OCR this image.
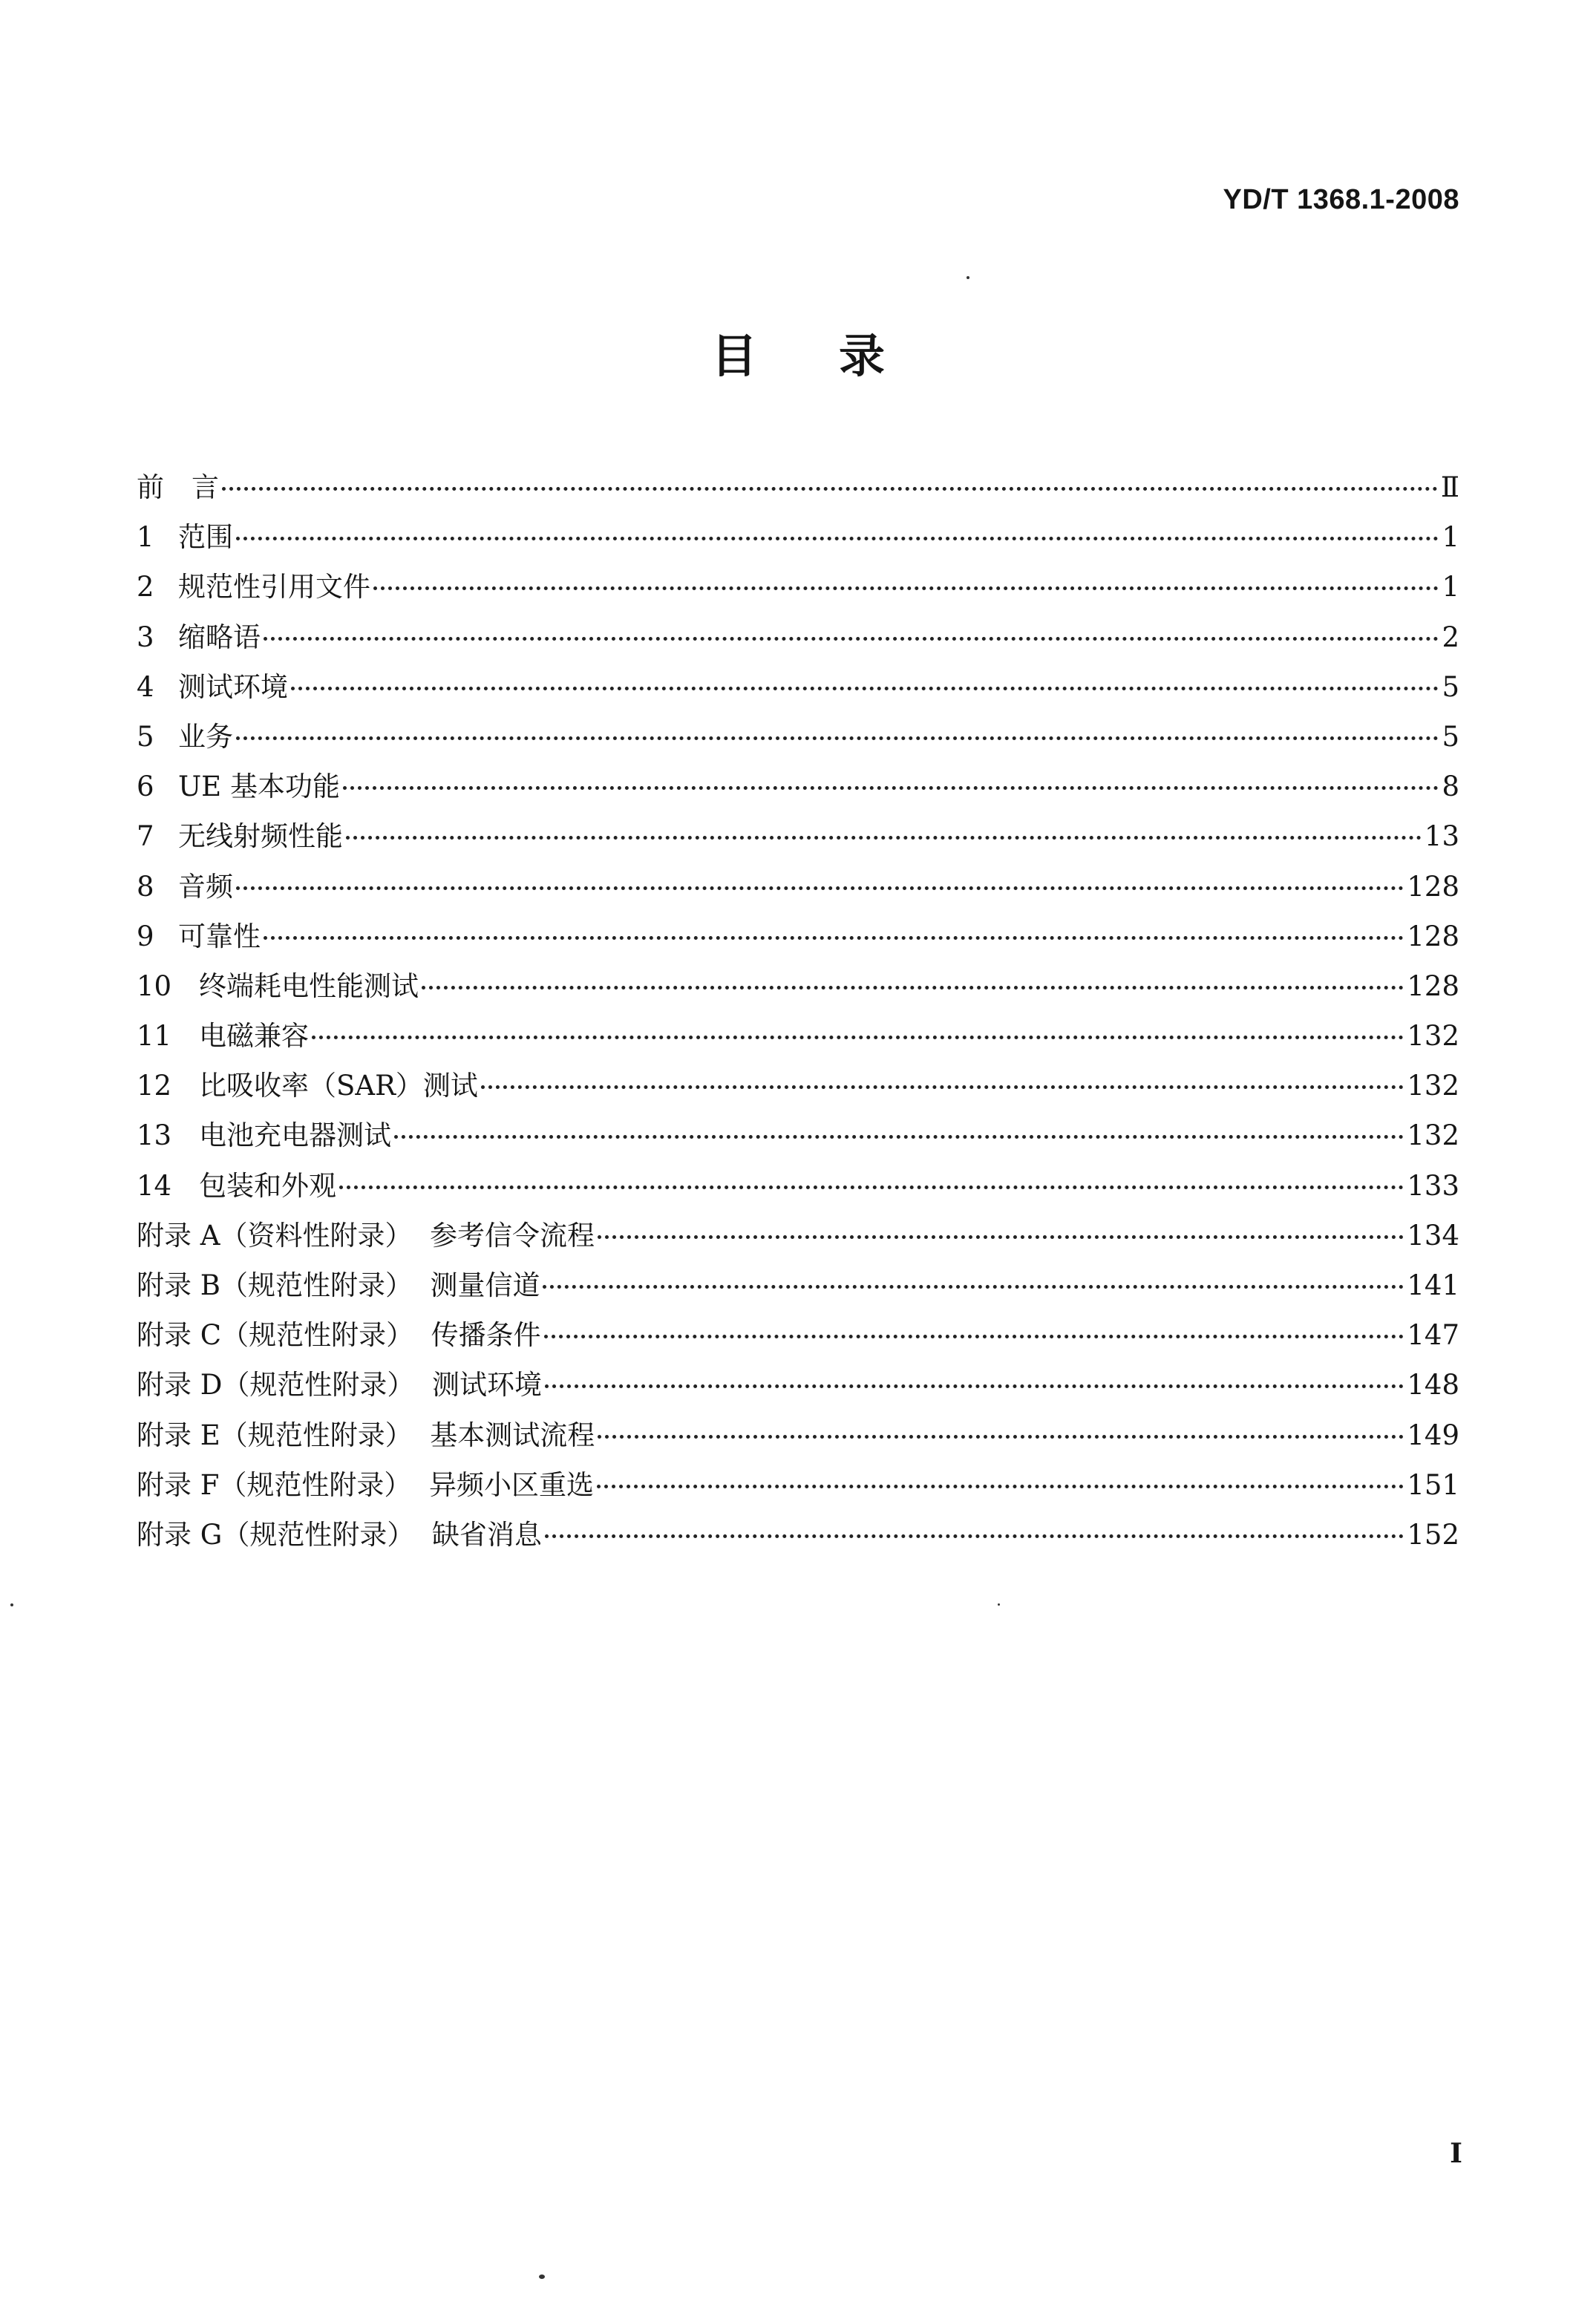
YD/T 1368.1-2008
目录
前　言	Ⅱ
1 范围	1
2 规范性引用文件	1
3 缩略语	2
4 测试环境	5
5 业务	5
6 UE 基本功能	8
7 无线射频性能	13
8 音频	128
9 可靠性	128
10 终端耗电性能测试	128
11 电磁兼容	132
12 比吸收率（SAR）测试	132
13 电池充电器测试	132
14 包装和外观	133
附录 A（资料性附录）  参考信令流程	134
附录 B（规范性附录）  测量信道	141
附录 C（规范性附录）  传播条件	147
附录 D（规范性附录）  测试环境	148
附录 E（规范性附录）  基本测试流程	149
附录 F（规范性附录）  异频小区重选	151
附录 G（规范性附录）  缺省消息	152
I
